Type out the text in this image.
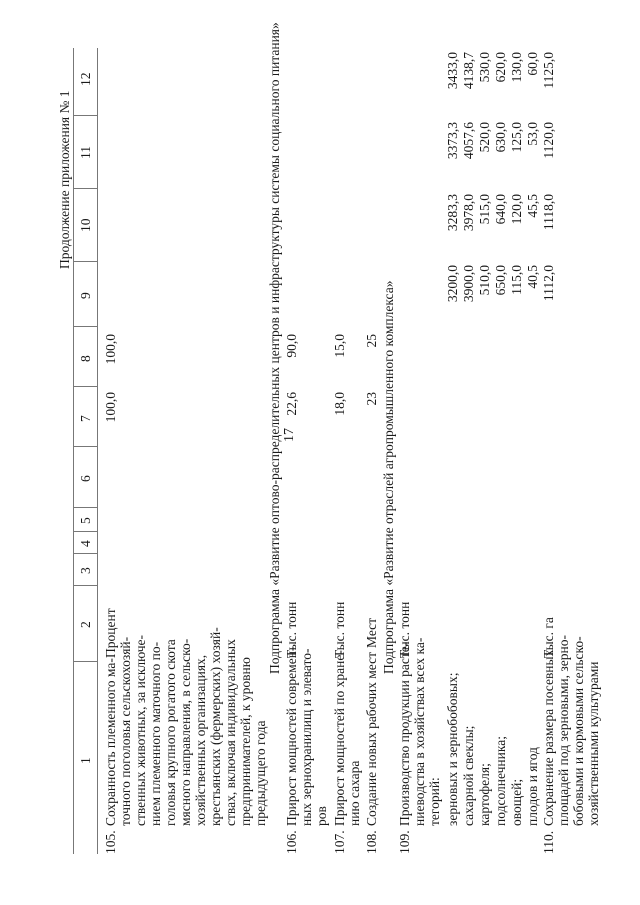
17
Продолжение приложения № 1
1
2
3
4
5
6
7
8
9
10
11
12
105.
Сохранность племенного ма-
точного поголовья сельскохозяй-
ственных животных, за исключе-
нием племенного маточного по-
головья крупного рогатого скота
мясного направления, в сельско-
хозяйственных организациях,
крестьянских (фермерских) хозяй-
ствах, включая индивидуальных
предпринимателей, к уровню
предыдущего года
Процент
100,0
100,0	Подпрограмма «Развитие оптово-распределительных центров и инфраструктуры системы социального питания»
106.
Прирост мощностей современ-
ных зернохранилищ и элевато-
ров
Тыс. тонн
22,6
90,0
107.
Прирост мощностей по хране-
нию сахара
Тыс. тонн
18,0
15,0
108.
Создание новых рабочих мест
Мест
23
25 Подпрограмма «Развитие отраслей агропромышленного комплекса»
109.
Производство продукции расте-
ниеводства в хозяйствах всех ка-
тегорий:
Тыс. тонн
зерновых и зернобобовых;
3200,0
3283,3
3373,3
3433,0
сахарной свеклы;
3900,0
3978,0
4057,6
4138,7
картофеля;
510,0
515,0
520,0
530,0
подсолнечника;
650,0
640,0
630,0
620,0
овощей;
115,0
120,0
125,0
130,0
плодов и ягод
40,5
45,5
53,0
60,0
110.
Сохранение размера посевных
площадей под зерновыми, зерно-
бобовыми и кормовыми сельско-
хозяйственными культурами
Тыс. га
1112,0
1118,0
1120,0
1125,0
